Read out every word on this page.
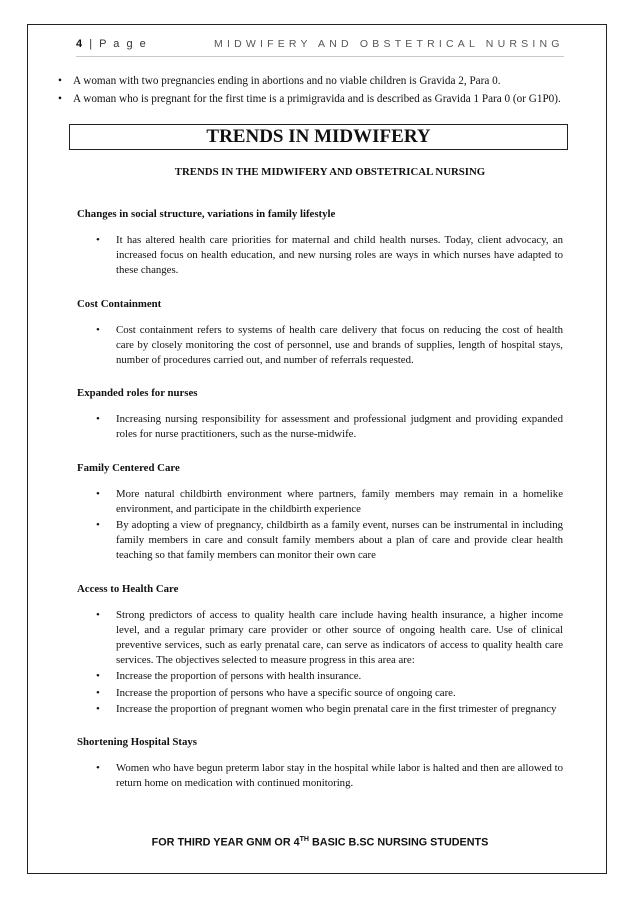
4 | P a g e	MIDWIFERY AND OBSTETRICAL NURSING
• A woman with two pregnancies ending in abortions and no viable children is Gravida 2, Para 0.
• A woman who is pregnant for the first time is a primigravida and is described as Gravida 1 Para 0 (or G1P0).
TRENDS IN MIDWIFERY
TRENDS IN THE MIDWIFERY AND OBSTETRICAL NURSING
Changes in social structure, variations in family lifestyle
• It has altered health care priorities for maternal and child health nurses. Today, client advocacy, an increased focus on health education, and new nursing roles are ways in which nurses have adapted to these changes.
Cost Containment
• Cost containment refers to systems of health care delivery that focus on reducing the cost of health care by closely monitoring the cost of personnel, use and brands of supplies, length of hospital stays, number of procedures carried out, and number of referrals requested.
Expanded roles for nurses
• Increasing nursing responsibility for assessment and professional judgment and providing expanded roles for nurse practitioners, such as the nurse-midwife.
Family Centered Care
• More natural childbirth environment where partners, family members may remain in a homelike environment, and participate in the childbirth experience
• By adopting a view of pregnancy, childbirth as a family event, nurses can be instrumental in including family members in care and consult family members about a plan of care and provide clear health teaching so that family members can monitor their own care
Access to Health Care
• Strong predictors of access to quality health care include having health insurance, a higher income level, and a regular primary care provider or other source of ongoing health care. Use of clinical preventive services, such as early prenatal care, can serve as indicators of access to quality health care services. The objectives selected to measure progress in this area are:
• Increase the proportion of persons with health insurance.
• Increase the proportion of persons who have a specific source of ongoing care.
• Increase the proportion of pregnant women who begin prenatal care in the first trimester of pregnancy
Shortening Hospital Stays
• Women who have begun preterm labor stay in the hospital while labor is halted and then are allowed to return home on medication with continued monitoring.
FOR THIRD YEAR GNM OR 4TH BASIC B.SC NURSING STUDENTS
